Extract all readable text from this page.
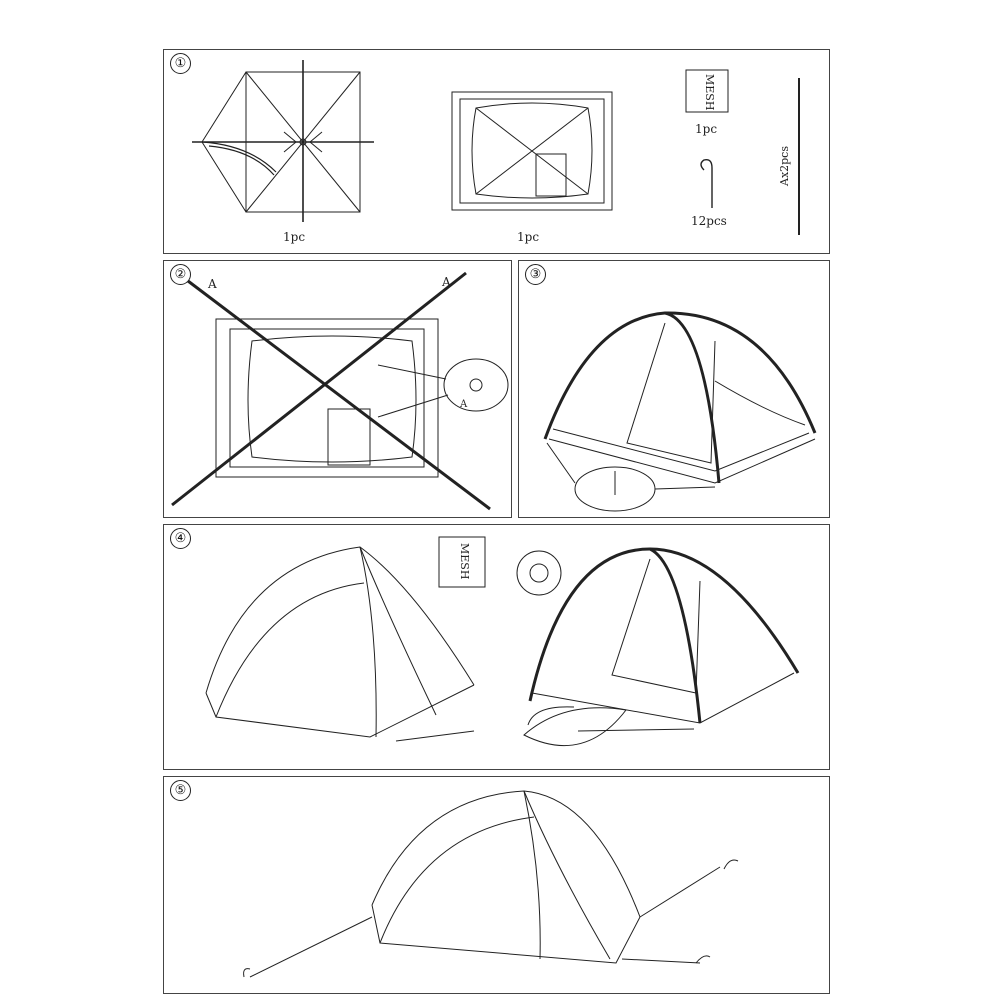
①
1pc	1pc
MESH
1pc
12pcs
Ax2pcs
②
A	A
A
③
④
MESH
⑤
